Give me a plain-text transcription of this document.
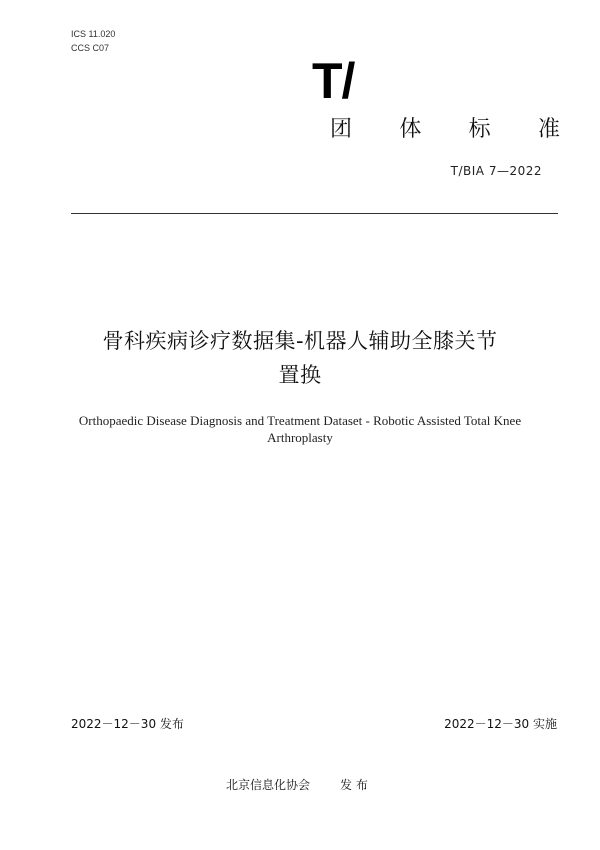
ICS 11.020
CCS C07
T/
团 体 标 准
T/BIA 7—2022
骨科疾病诊疗数据集-机器人辅助全膝关节
置换
Orthopaedic Disease Diagnosis and Treatment Dataset - Robotic Assisted Total Knee
Arthroplasty
2022－12－30 发布	2022－12－30 实施
北京信息化协会	发 布
